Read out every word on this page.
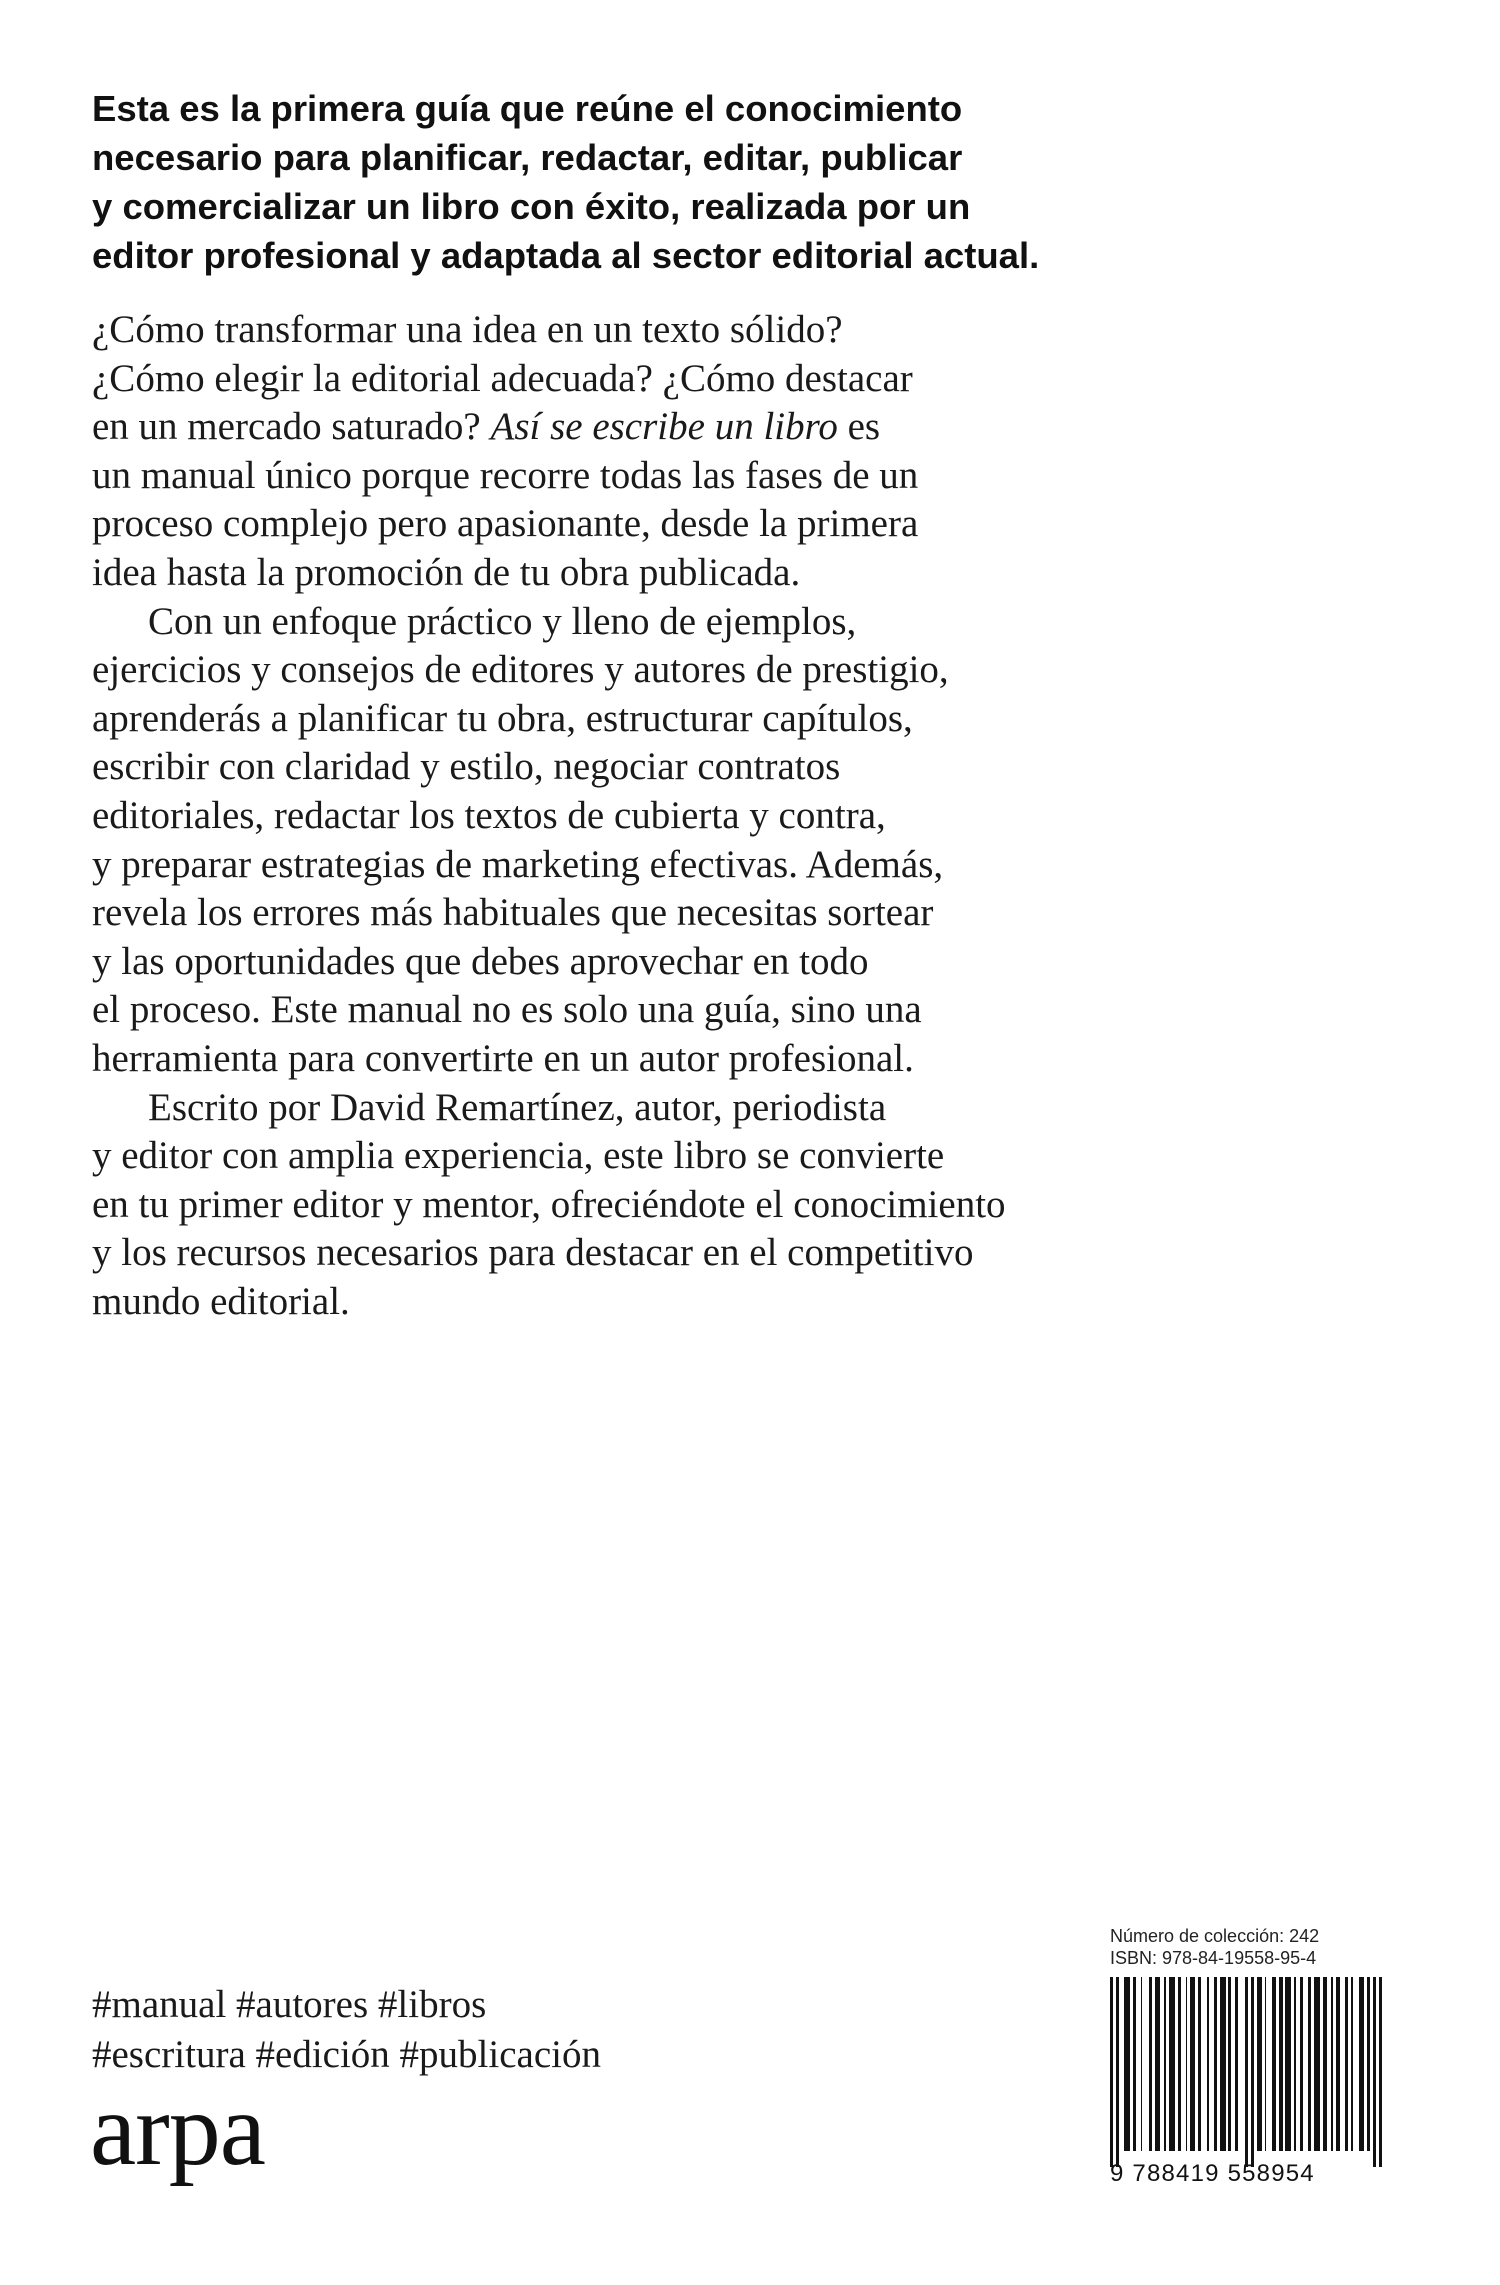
Esta es la primera guía que reúne el conocimiento
necesario para planificar, redactar, editar, publicar
y comercializar un libro con éxito, realizada por un
editor profesional y adaptada al sector editorial actual.
¿Cómo transformar una idea en un texto sólido?
¿Cómo elegir la editorial adecuada? ¿Cómo destacar
en un mercado saturado? Así se escribe un libro es
un manual único porque recorre todas las fases de un
proceso complejo pero apasionante, desde la primera
idea hasta la promoción de tu obra publicada.
Con un enfoque práctico y lleno de ejemplos,
ejercicios y consejos de editores y autores de prestigio,
aprenderás a planificar tu obra, estructurar capítulos,
escribir con claridad y estilo, negociar contratos
editoriales, redactar los textos de cubierta y contra,
y preparar estrategias de marketing efectivas. Además,
revela los errores más habituales que necesitas sortear
y las oportunidades que debes aprovechar en todo
el proceso. Este manual no es solo una guía, sino una
herramienta para convertirte en un autor profesional.
Escrito por David Remartínez, autor, periodista
y editor con amplia experiencia, este libro se convierte
en tu primer editor y mentor, ofreciéndote el conocimiento
y los recursos necesarios para destacar en el competitivo
mundo editorial.
#manual #autores #libros
#escritura #edición #publicación
arpa
Número de colección: 242
ISBN: 978-84-19558-95-4
9 788419 558954
